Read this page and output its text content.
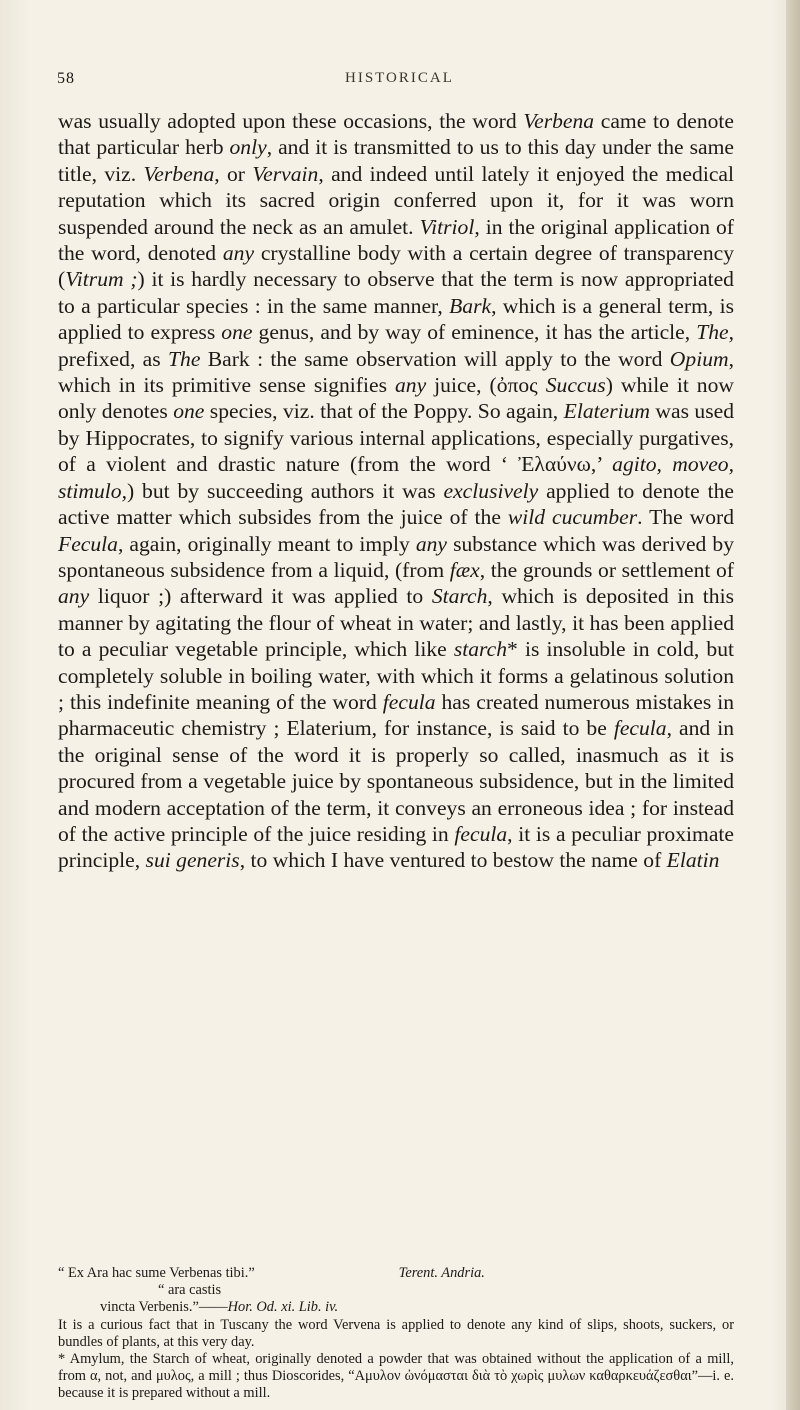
58	HISTORICAL

was usually adopted upon these occasions, the word Verbena came to denote that particular herb only, and it is transmitted to us to this day under the same title, viz. Verbena, or Vervain, and indeed until lately it enjoyed the medical reputation which its sacred origin conferred upon it, for it was worn suspended around the neck as an amulet. Vitriol, in the original application of the word, denoted any crystalline body with a certain degree of transparency (Vitrum ;) it is hardly necessary to observe that the term is now appropriated to a particular species : in the same manner, Bark, which is a general term, is applied to express one genus, and by way of eminence, it has the article, The, prefixed, as The Bark : the same observation will apply to the word Opium, which in its primitive sense signifies any juice, (ὀπος Succus) while it now only denotes one species, viz. that of the Poppy. So again, Elaterium was used by Hippocrates, to signify various internal applications, especially purgatives, of a violent and drastic nature (from the word ‘ Ἐλαύνω,’ agito, moveo, stimulo,) but by succeeding authors it was exclusively applied to denote the active matter which subsides from the juice of the wild cucumber. The word Fecula, again, originally meant to imply any substance which was derived by spontaneous subsidence from a liquid, (from fæx, the grounds or settlement of any liquor ;) afterward it was applied to Starch, which is deposited in this manner by agitating the flour of wheat in water; and lastly, it has been applied to a peculiar vegetable principle, which like starch* is insoluble in cold, but completely soluble in boiling water, with which it forms a gelatinous solution ; this indefinite meaning of the word fecula has created numerous mistakes in pharmaceutic chemistry ; Elaterium, for instance, is said to be fecula, and in the original sense of the word it is properly so called, inasmuch as it is procured from a vegetable juice by spontaneous subsidence, but in the limited and modern acceptation of the term, it conveys an erroneous idea ; for instead of the active principle of the juice residing in fecula, it is a peculiar proximate principle, sui generis, to which I have ventured to bestow the name of Elatin

“ Ex Ara hac sume Verbenas tibi.”	Terent. Andria.

“ ara castis

vincta Verbenis.”——Hor. Od. xi. Lib. iv.

It is a curious fact that in Tuscany the word Vervena is applied to denote any kind of slips, shoots, suckers, or bundles of plants, at this very day.

* Amylum, the Starch of wheat, originally denoted a powder that was obtained without the application of a mill, from α, not, and μυλος, a mill ; thus Dioscorides, “Αμυλον ὠνόμασται διὰ τὸ χωρὶς μυλων καθαρκευάζεσθαι”—i. e. because it is prepared without a mill.
